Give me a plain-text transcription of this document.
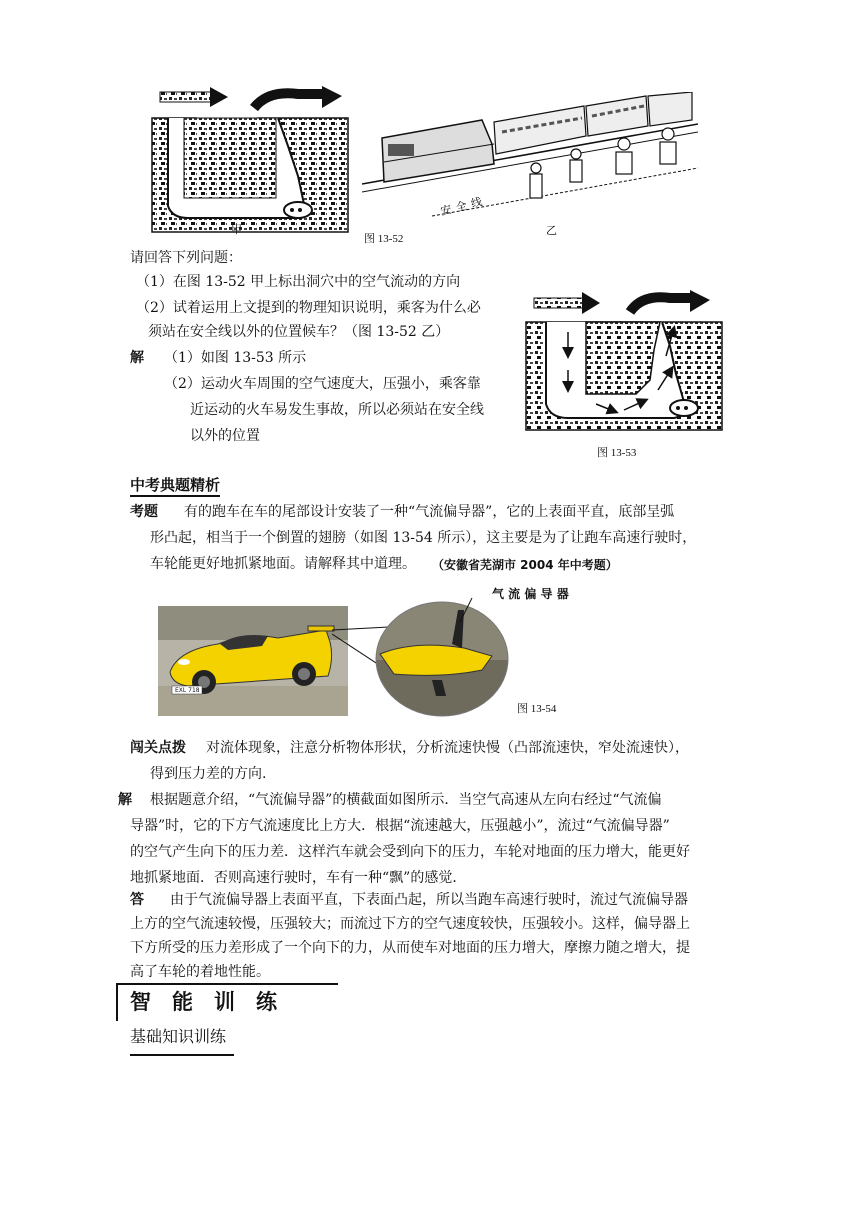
甲
安 全 线
乙
图 13-52
请回答下列问题：
（1）在图 13-52 甲上标出洞穴中的空气流动的方向
（2）试着运用上文提到的物理知识说明，乘客为什么必
须站在安全线以外的位置候车？（图 13-52 乙）
解 （1）如图 13-53 所示
（2）运动火车周围的空气速度大，压强小，乘客靠
近运动的火车易发生事故，所以必须站在安全线
以外的位置
图 13-53
中考典题精析
考题 有的跑车在车的尾部设计安装了一种“气流偏导器”，它的上表面平直，底部呈弧
形凸起，相当于一个倒置的翅膀（如图 13-54 所示），这主要是为了让跑车高速行驶时，
车轮能更好地抓紧地面。请解释其中道理。 （安徽省芜湖市 2004 年中考题）
EXL 718
气 流 偏 导 器
图 13-54
闯关点拨 对流体现象，注意分析物体形状，分析流速快慢（凸部流速快，窄处流速快），
得到压力差的方向.
解 根据题意介绍，“气流偏导器”的横截面如图所示．当空气高速从左向右经过“气流偏
导器”时，它的下方气流速度比上方大．根据“流速越大，压强越小”，流过“气流偏导器”
的空气产生向下的压力差．这样汽车就会受到向下的压力，车轮对地面的压力增大，能更好
地抓紧地面．否则高速行驶时，车有一种“飘”的感觉．
答 由于气流偏导器上表面平直，下表面凸起，所以当跑车高速行驶时，流过气流偏导器
上方的空气流速较慢，压强较大；而流过下方的空气速度较快，压强较小。这样，偏导器上
下方所受的压力差形成了一个向下的力，从而使车对地面的压力增大，摩擦力随之增大，提
高了车轮的着地性能。
智　能　训　练
基础知识训练
